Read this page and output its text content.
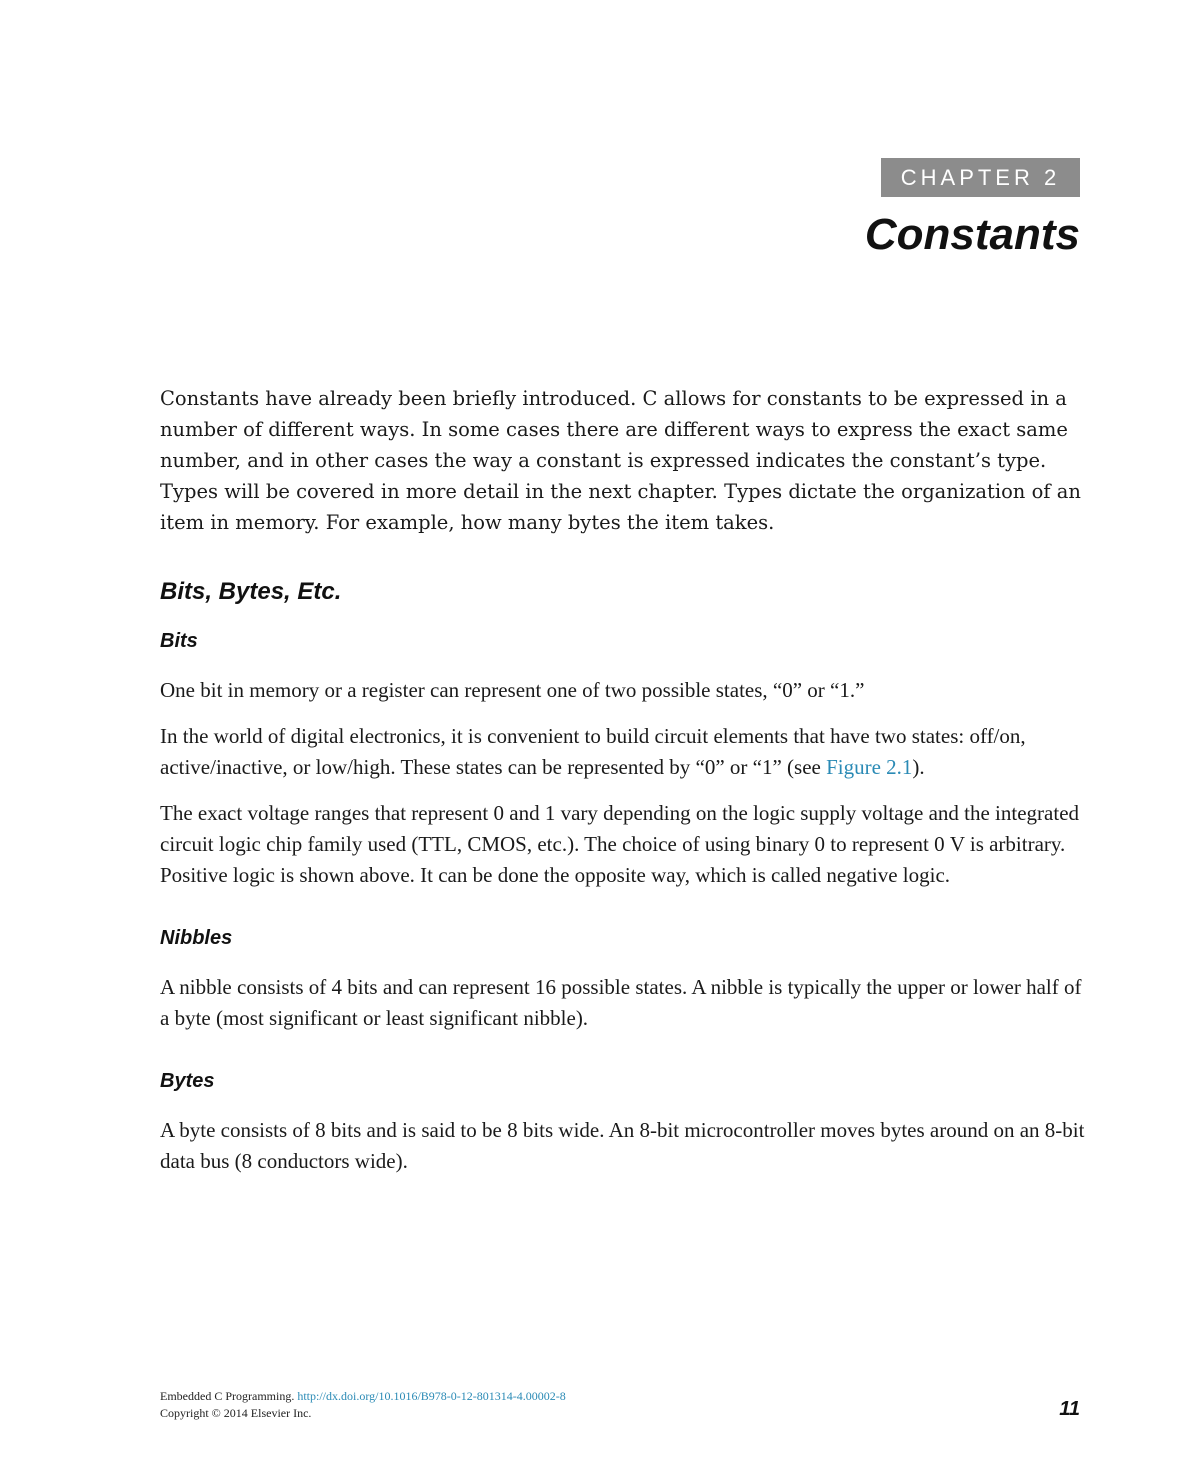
CHAPTER 2
Constants

Constants have already been briefly introduced. C allows for constants to be expressed in a number of different ways. In some cases there are different ways to express the exact same number, and in other cases the way a constant is expressed indicates the constant’s type. Types will be covered in more detail in the next chapter. Types dictate the organization of an item in memory. For example, how many bytes the item takes.

Bits, Bytes, Etc.
Bits

One bit in memory or a register can represent one of two possible states, “0” or “1.”

In the world of digital electronics, it is convenient to build circuit elements that have two states: off/on, active/inactive, or low/high. These states can be represented by “0” or “1” (see Figure 2.1).

The exact voltage ranges that represent 0 and 1 vary depending on the logic supply voltage and the integrated circuit logic chip family used (TTL, CMOS, etc.). The choice of using binary 0 to represent 0 V is arbitrary. Positive logic is shown above. It can be done the opposite way, which is called negative logic.

Nibbles

A nibble consists of 4 bits and can represent 16 possible states. A nibble is typically the upper or lower half of a byte (most significant or least significant nibble).

Bytes

A byte consists of 8 bits and is said to be 8 bits wide. An 8-bit microcontroller moves bytes around on an 8-bit data bus (8 conductors wide).

Embedded C Programming. http://dx.doi.org/10.1016/B978-0-12-801314-4.00002-8
Copyright © 2014 Elsevier Inc.	11
